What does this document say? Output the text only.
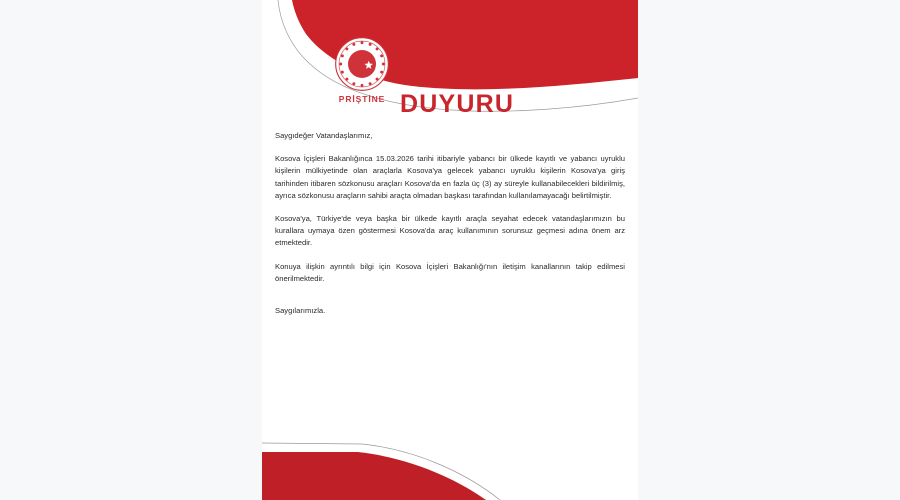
PRİŞTİNE DUYURU

Saygıdeğer Vatandaşlarımız,

Kosova İçişleri Bakanlığınca 15.03.2026 tarihi itibariyle yabancı bir ülkede kayıtlı ve yabancı uyruklu kişilerin mülkiyetinde olan araçlarla Kosova'ya gelecek yabancı uyruklu kişilerin Kosova'ya giriş tarihinden itibaren sözkonusu araçları Kosova'da en fazla üç (3) ay süreyle kullanabilecekleri bildirilmiş, ayrıca sözkonusu araçların sahibi araçta olmadan başkası tarafından kullanılamayacağı belirtilmiştir.

Kosova'ya, Türkiye'de veya başka bir ülkede kayıtlı araçla seyahat edecek vatandaşlarımızın bu kurallara uymaya özen göstermesi Kosova'da araç kullanımının sorunsuz geçmesi adına önem arz etmektedir.

Konuya ilişkin ayrıntılı bilgi için Kosova İçişleri Bakanlığı'nın iletişim kanallarının takip edilmesi önerilmektedir.

Saygılarımızla.
